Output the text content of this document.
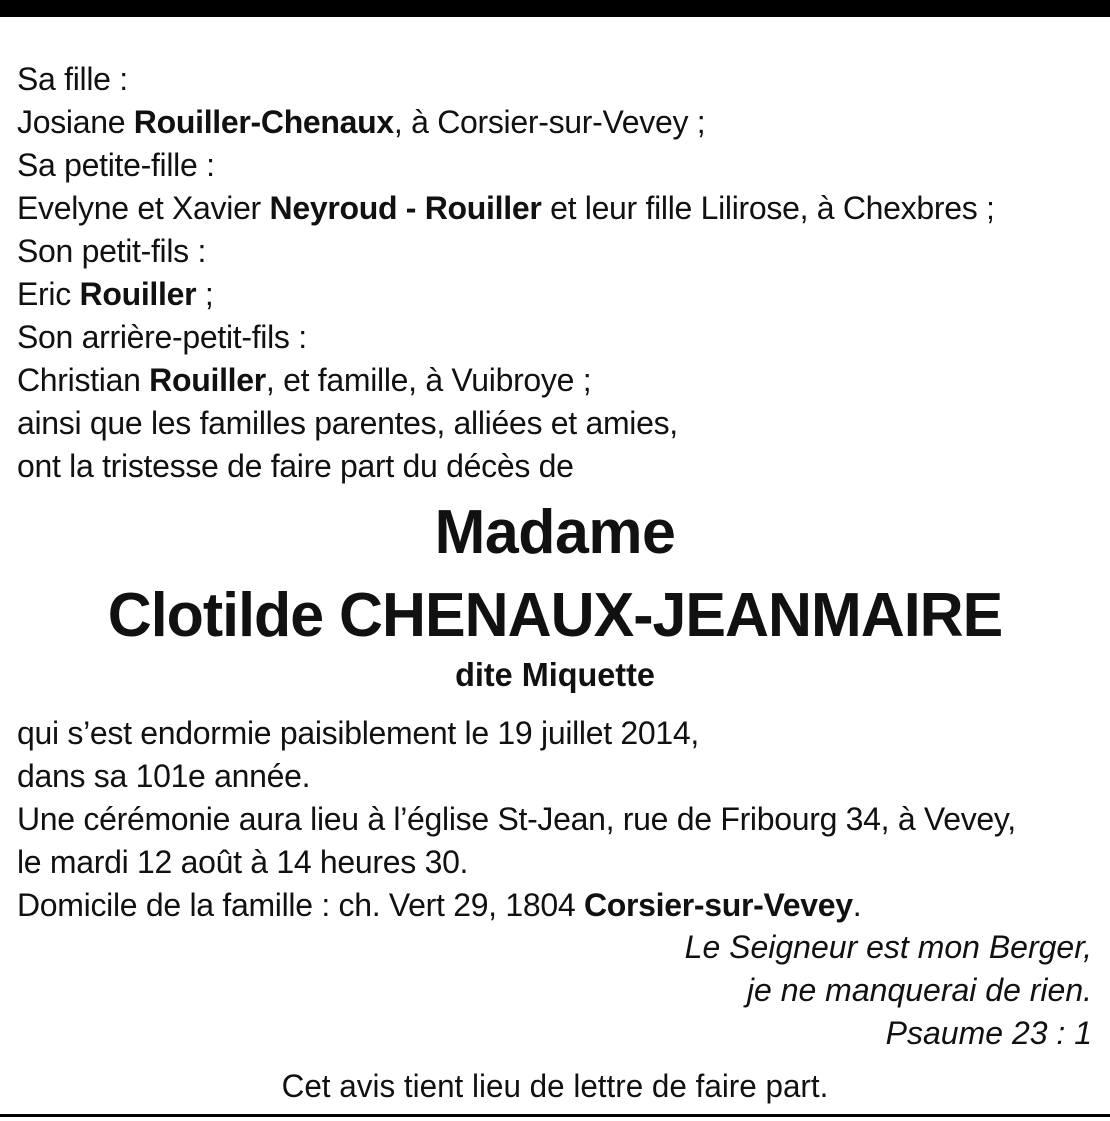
Sa fille :
Josiane Rouiller-Chenaux, à Corsier-sur-Vevey ;
Sa petite-fille :
Evelyne et Xavier Neyroud - Rouiller et leur fille Lilirose, à Chexbres ;
Son petit-fils :
Eric Rouiller ;
Son arrière-petit-fils :
Christian Rouiller, et famille, à Vuibroye ;
ainsi que les familles parentes, alliées et amies,
ont la tristesse de faire part du décès de
Madame
Clotilde CHENAUX-JEANMAIRE
dite Miquette
qui s’est endormie paisiblement le 19 juillet 2014,
dans sa 101e année.
Une cérémonie aura lieu à l’église St-Jean, rue de Fribourg 34, à Vevey,
le mardi 12 août à 14 heures 30.
Domicile de la famille : ch. Vert 29, 1804 Corsier-sur-Vevey.
Le Seigneur est mon Berger,
je ne manquerai de rien.
Psaume 23 : 1
Cet avis tient lieu de lettre de faire part.
